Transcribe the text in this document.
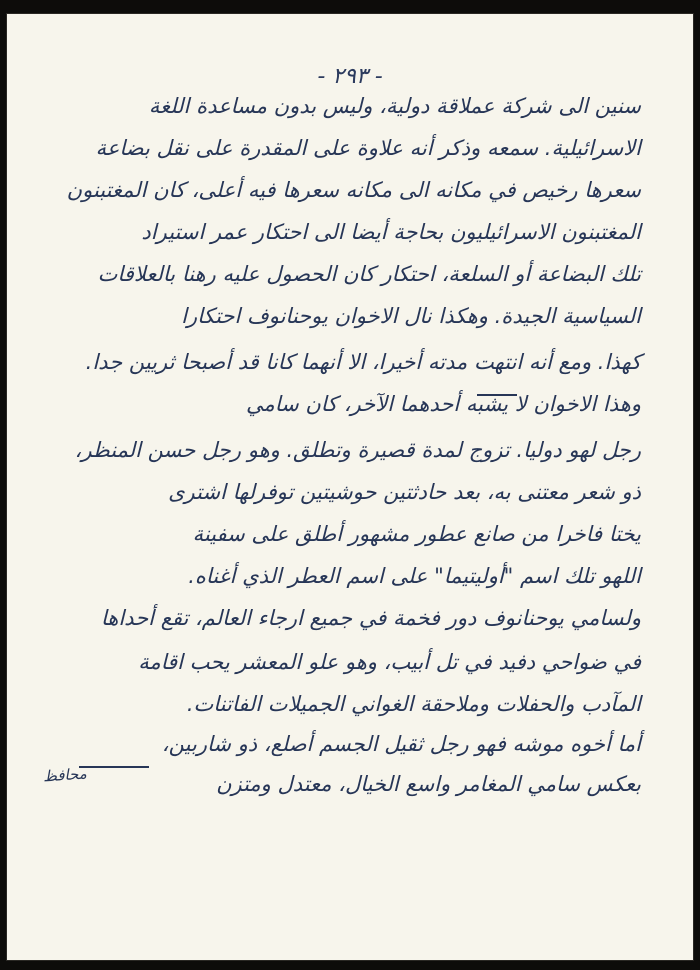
- ٢٩٣ -
سنين الى شركة عملاقة دولية، وليس بدون مساعدة اللغة
الاسرائيلية. سمعه وذكر أنه علاوة على المقدرة على نقل بضاعة
سعرها رخيص في مكانه الى مكانه سعرها فيه أعلى، كان المغتبنون
المغتبنون الاسرائيليون بحاجة أيضا الى احتكار عمر استيراد
تلك البضاعة أو السلعة، احتكار كان الحصول عليه رهنا بالعلاقات
السياسية الجيدة. وهكذا نال الاخوان يوحنانوف احتكارا
كهذا. ومع أنه انتهت مدته أخيرا، الا أنهما كانا قد أصبحا ثريين جدا.
وهذا الاخوان لا يشبه أحدهما الآخر، كان سامي
رجل لهو دوليا. تزوج لمدة قصيرة وتطلق. وهو رجل حسن المنظر،
ذو شعر معتنى به، بعد حادثتين حوشيتين توفرلها اشترى
يختا فاخرا من صانع عطور مشهور أطلق على سفينة
اللهو تلك اسم "أوليتيما" على اسم العطر الذي أغناه.
ولسامي يوحنانوف دور فخمة في جميع ارجاء العالم، تقع أحداها
في ضواحي دفيد في تل أبيب، وهو علو المعشر يحب اقامة
المآدب والحفلات وملاحقة الغواني الجميلات الفاتنات.
أما أخوه موشه فهو رجل ثقيل الجسم أصلع، ذو شاربين،
بعكس سامي المغامر واسع الخيال، معتدل ومتزن
محافظ
